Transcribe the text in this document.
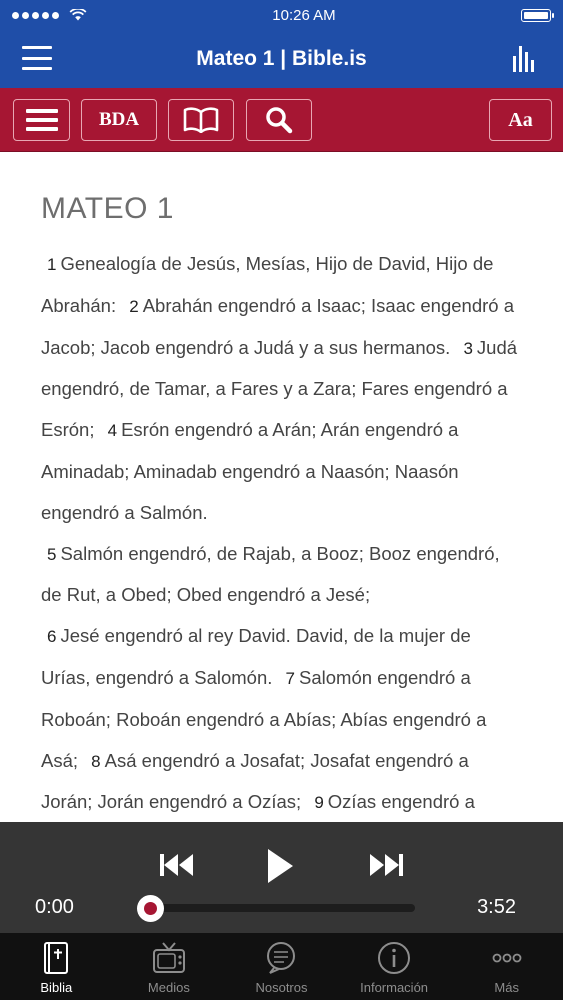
10:26 AM
Mateo 1 | Bible.is
BDA	Aa
MATEO 1

1 Genealogía de Jesús, Mesías, Hijo de David, Hijo de Abrahán: 2 Abrahán engendró a Isaac; Isaac engendró a Jacob; Jacob engendró a Judá y a sus hermanos. 3 Judá engendró, de Tamar, a Fares y a Zara; Fares engendró a Esrón; 4 Esrón engendró a Arán; Arán engendró a Aminadab; Aminadab engendró a Naasón; Naasón engendró a Salmón.
5 Salmón engendró, de Rajab, a Booz; Booz engendró, de Rut, a Obed; Obed engendró a Jesé;
6 Jesé engendró al rey David. David, de la mujer de Urías, engendró a Salomón. 7 Salomón engendró a Roboán; Roboán engendró a Abías; Abías engendró a Asá; 8 Asá engendró a Josafat; Josafat engendró a Jorán; Jorán engendró a Ozías; 9 Ozías engendró a

0:00	3:52
Biblia	Medios	Nosotros	Información	Más
